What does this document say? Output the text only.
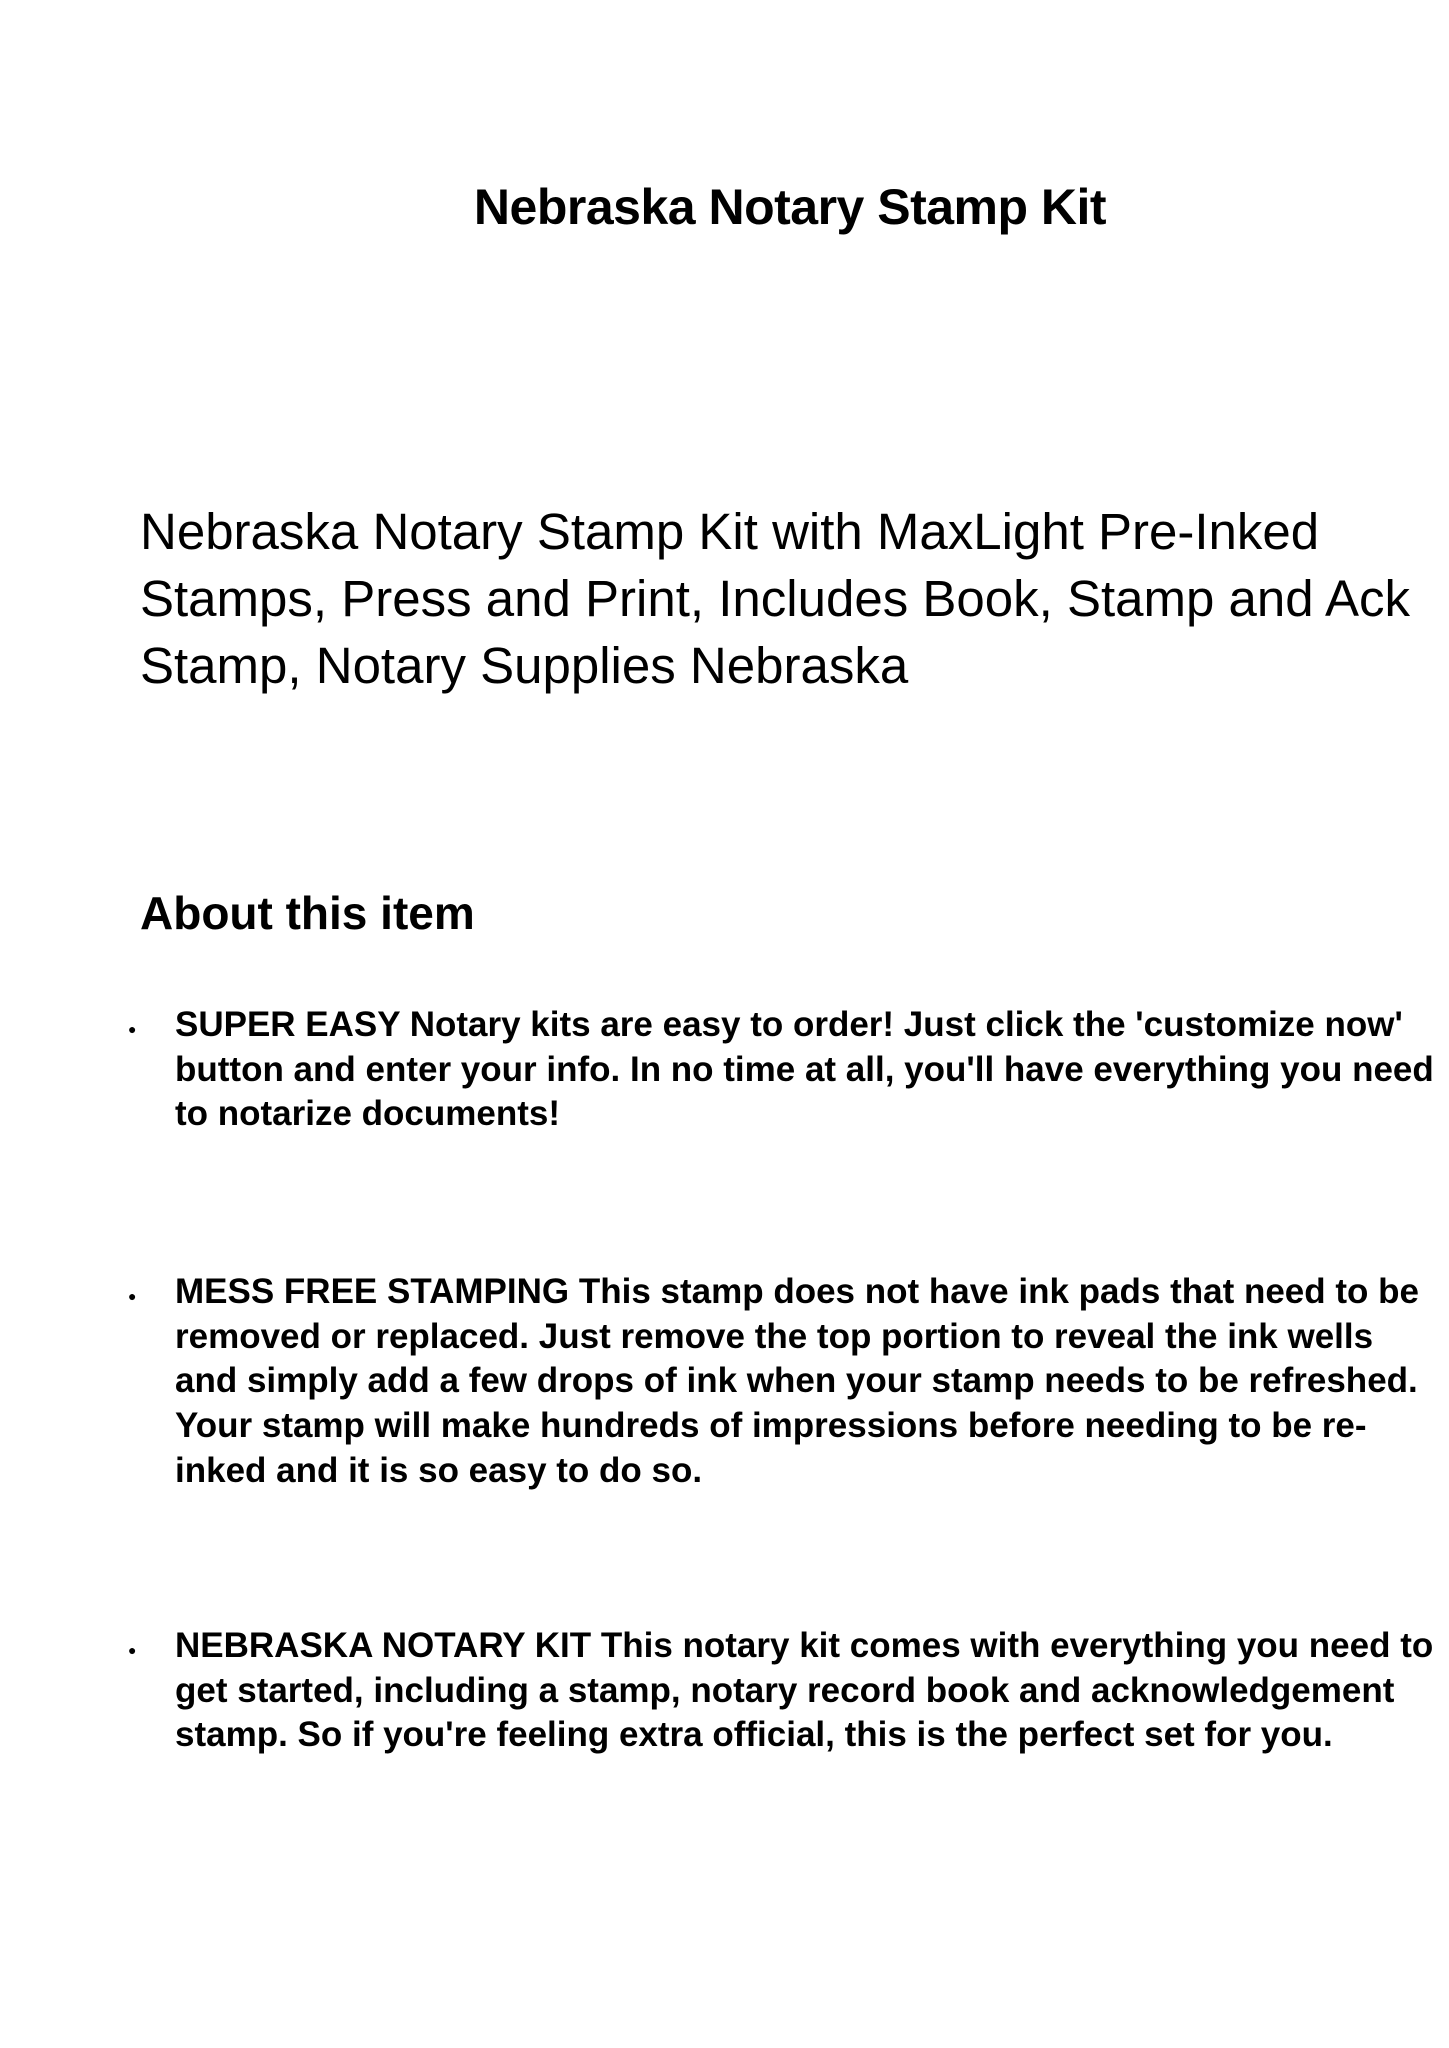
Nebraska Notary Stamp Kit
Nebraska Notary Stamp Kit with MaxLight Pre-Inked Stamps, Press and Print, Includes Book, Stamp and Ack Stamp, Notary Supplies Nebraska
About this item
● SUPER EASY Notary kits are easy to order! Just click the 'customize now' button and enter your info. In no time at all, you'll have everything you need to notarize documents!
● MESS FREE STAMPING This stamp does not have ink pads that need to be removed or replaced. Just remove the top portion to reveal the ink wells and simply add a few drops of ink when your stamp needs to be refreshed. Your stamp will make hundreds of impressions before needing to be re-inked and it is so easy to do so.
● NEBRASKA NOTARY KIT This notary kit comes with everything you need to get started, including a stamp, notary record book and acknowledgement stamp. So if you're feeling extra official, this is the perfect set for you.
